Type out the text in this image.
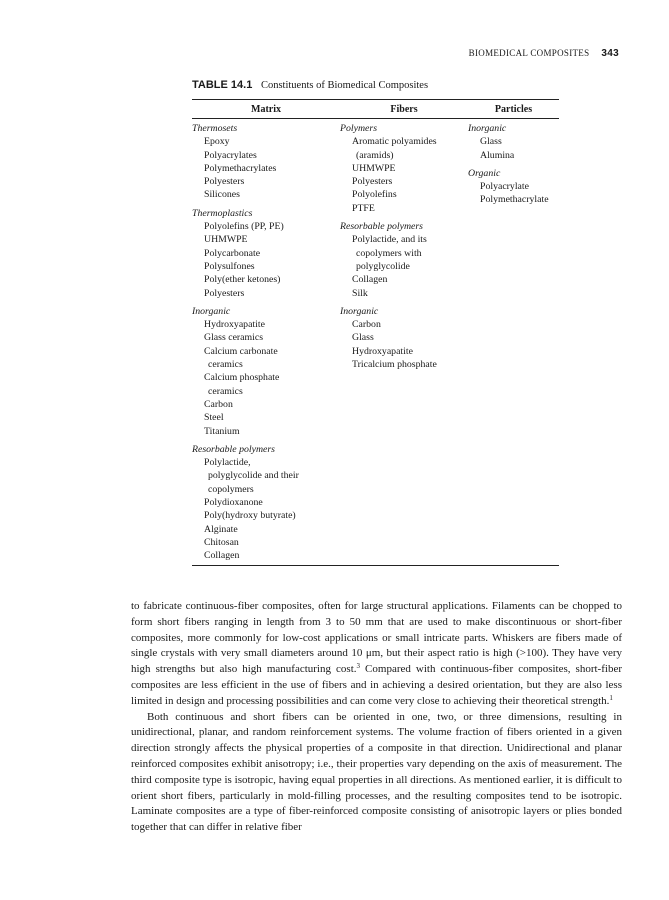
BIOMEDICAL COMPOSITES 343
TABLE 14.1 Constituents of Biomedical Composites
Matrix	Fibers	Particles
Thermosets
Epoxy
Polyacrylates
Polymethacrylates
Polyesters
Silicones
Thermoplastics
Polyolefins (PP, PE)
UHMWPE
Polycarbonate
Polysulfones
Poly(ether ketones)
Polyesters
Inorganic
Hydroxyapatite
Glass ceramics
Calcium carbonate
ceramics
Calcium phosphate
ceramics
Carbon
Steel
Titanium
Resorbable polymers
Polylactide,
polyglycolide and their
copolymers
Polydioxanone
Poly(hydroxy butyrate)
Alginate
Chitosan
Collagen
Polymers
Aromatic polyamides
(aramids)
UHMWPE
Polyesters
Polyolefins
PTFE
Resorbable polymers
Polylactide, and its
copolymers with
polyglycolide
Collagen
Silk
Inorganic
Carbon
Glass
Hydroxyapatite
Tricalcium phosphate
Inorganic
Glass
Alumina
Organic
Polyacrylate
Polymethacrylate

to fabricate continuous-fiber composites, often for large structural applications. Filaments can be chopped to form short fibers ranging in length from 3 to 50 mm that are used to make discontinuous or short-fiber composites, more commonly for low-cost applications or small intricate parts. Whiskers are fibers made of single crystals with very small diameters around 10 μm, but their aspect ratio is high (>100). They have very high strengths but also high manufacturing cost.$^3$ Compared with continuous-fiber composites, short-fiber composites are less efficient in the use of fibers and in achieving a desired orientation, but they are also less limited in design and processing possibilities and can come very close to achieving their theoretical strength.$^1$

Both continuous and short fibers can be oriented in one, two, or three dimensions, resulting in unidirectional, planar, and random reinforcement systems. The volume fraction of fibers oriented in a given direction strongly affects the physical properties of a composite in that direction. Unidirectional and planar reinforced composites exhibit anisotropy; i.e., their properties vary depending on the axis of measurement. The third composite type is isotropic, having equal properties in all directions. As mentioned earlier, it is difficult to orient short fibers, particularly in mold-filling processes, and the resulting composites tend to be isotropic. Laminate composites are a type of fiber-reinforced composite consisting of anisotropic layers or plies bonded together that can differ in relative fiber
